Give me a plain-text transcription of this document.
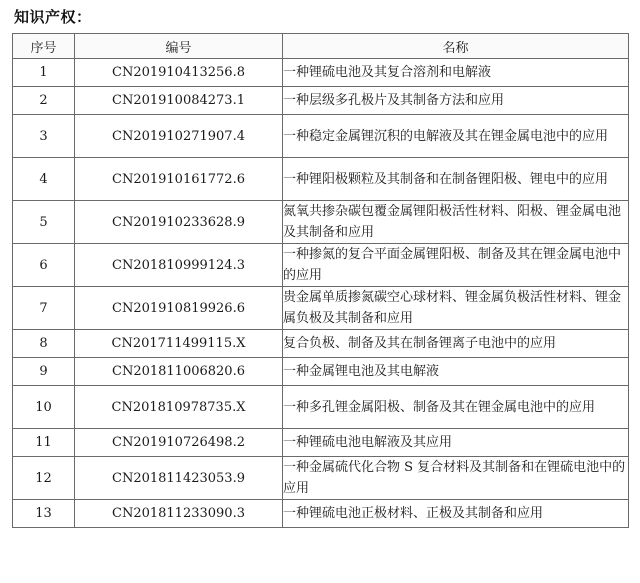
知识产权：
序号	编号	名称
1	CN201910413256.8	一种锂硫电池及其复合溶剂和电解液
2	CN201910084273.1	一种层级多孔极片及其制备方法和应用
3	CN201910271907.4	一种稳定金属锂沉积的电解液及其在锂金属电池中的应用
4	CN201910161772.6	一种锂阳极颗粒及其制备和在制备锂阳极、锂电中的应用
5	CN201910233628.9	氮氧共掺杂碳包覆金属锂阳极活性材料、阳极、锂金属电池及其制备和应用
6	CN201810999124.3	一种掺氮的复合平面金属锂阳极、制备及其在锂金属电池中的应用
7	CN201910819926.6	贵金属单质掺氮碳空心球材料、锂金属负极活性材料、锂金属负极及其制备和应用
8	CN201711499115.X	复合负极、制备及其在制备锂离子电池中的应用
9	CN201811006820.6	一种金属锂电池及其电解液
10	CN201810978735.X	一种多孔锂金属阳极、制备及其在锂金属电池中的应用
11	CN201910726498.2	一种锂硫电池电解液及其应用
12	CN201811423053.9	一种金属硫代化合物 S 复合材料及其制备和在锂硫电池中的应用
13	CN201811233090.3	一种锂硫电池正极材料、正极及其制备和应用
